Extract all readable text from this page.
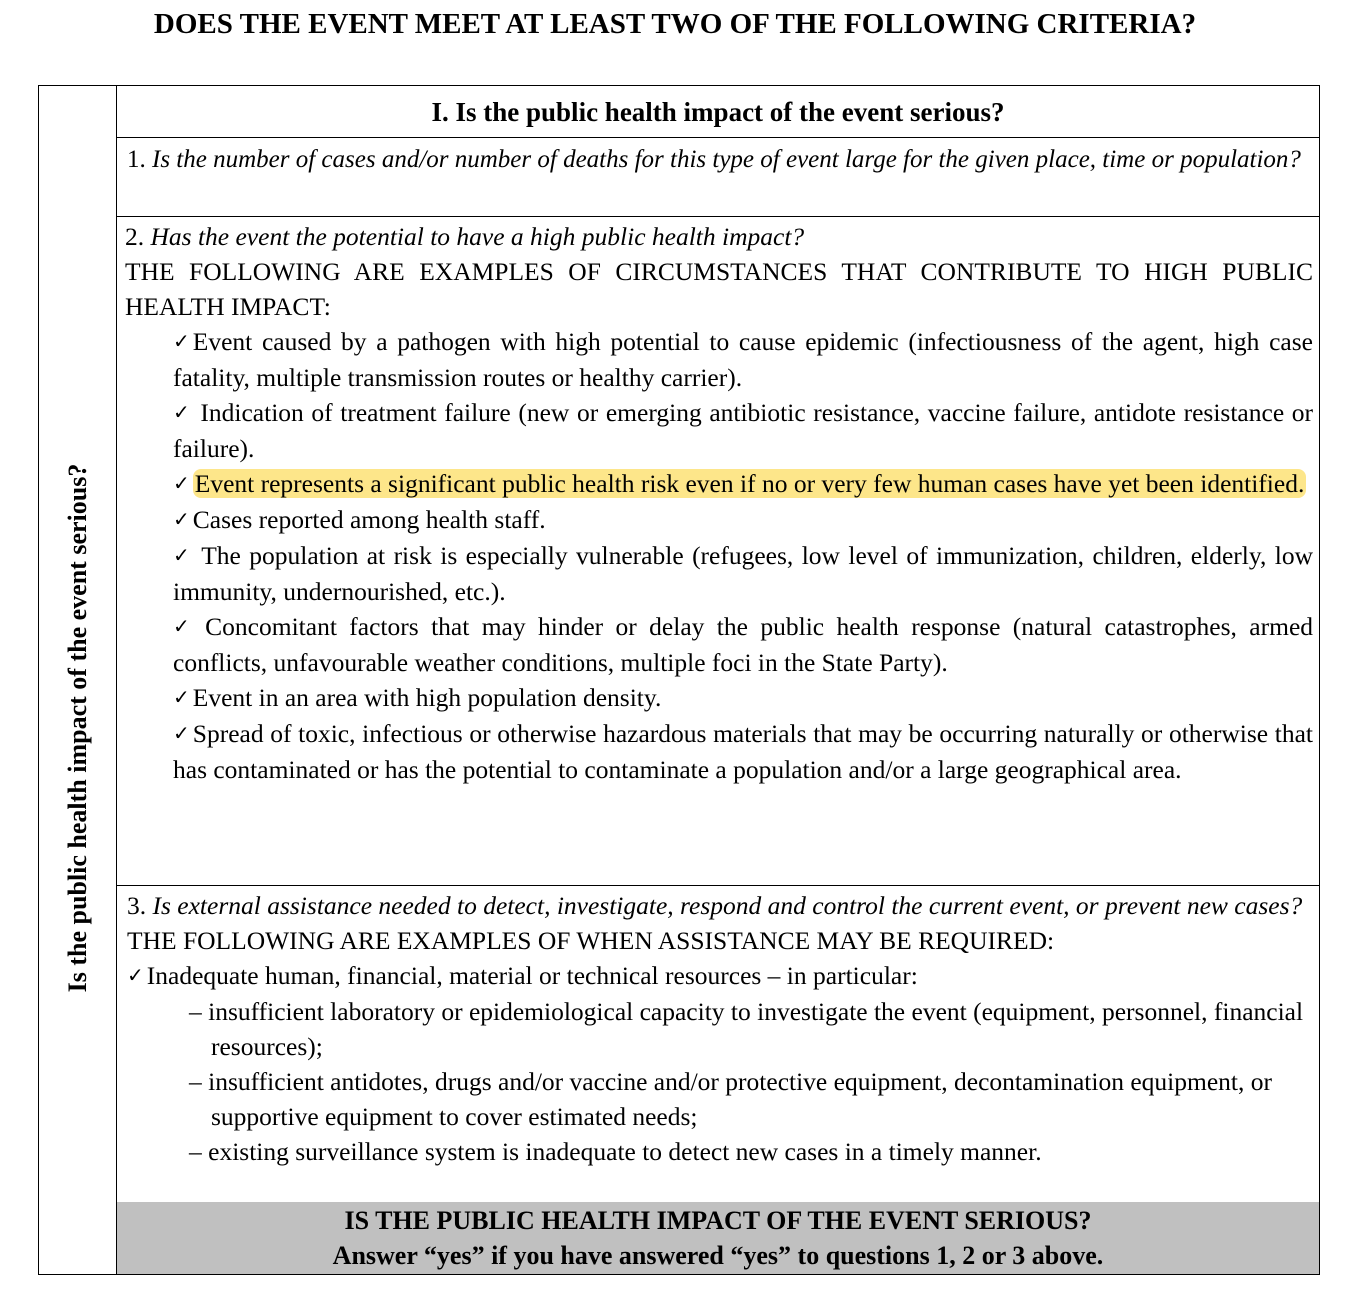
DOES THE EVENT MEET AT LEAST TWO OF THE FOLLOWING CRITERIA?
Is the public health impact of the event serious?
I. Is the public health impact of the event serious?
1. Is the number of cases and/or number of deaths for this type of event large for the given place, time or population?
2. Has the event the potential to have a high public health impact?
THE FOLLOWING ARE EXAMPLES OF CIRCUMSTANCES THAT CONTRIBUTE TO HIGH PUBLIC HEALTH IMPACT:
✓ Event caused by a pathogen with high potential to cause epidemic (infectiousness of the agent, high case fatality, multiple transmission routes or healthy carrier).
✓ Indication of treatment failure (new or emerging antibiotic resistance, vaccine failure, antidote resistance or failure).
✓ Event represents a significant public health risk even if no or very few human cases have yet been identified.
✓ Cases reported among health staff.
✓ The population at risk is especially vulnerable (refugees, low level of immunization, children, elderly, low immunity, undernourished, etc.).
✓ Concomitant factors that may hinder or delay the public health response (natural catastrophes, armed conflicts, unfavourable weather conditions, multiple foci in the State Party).
✓ Event in an area with high population density.
✓ Spread of toxic, infectious or otherwise hazardous materials that may be occurring naturally or otherwise that has contaminated or has the potential to contaminate a population and/or a large geographical area.
3. Is external assistance needed to detect, investigate, respond and control the current event, or prevent new cases?
THE FOLLOWING ARE EXAMPLES OF WHEN ASSISTANCE MAY BE REQUIRED:
✓ Inadequate human, financial, material or technical resources – in particular:
– insufficient laboratory or epidemiological capacity to investigate the event (equipment, personnel, financial resources);
– insufficient antidotes, drugs and/or vaccine and/or protective equipment, decontamination equipment, or supportive equipment to cover estimated needs;
– existing surveillance system is inadequate to detect new cases in a timely manner.
IS THE PUBLIC HEALTH IMPACT OF THE EVENT SERIOUS?
Answer “yes” if you have answered “yes” to questions 1, 2 or 3 above.
